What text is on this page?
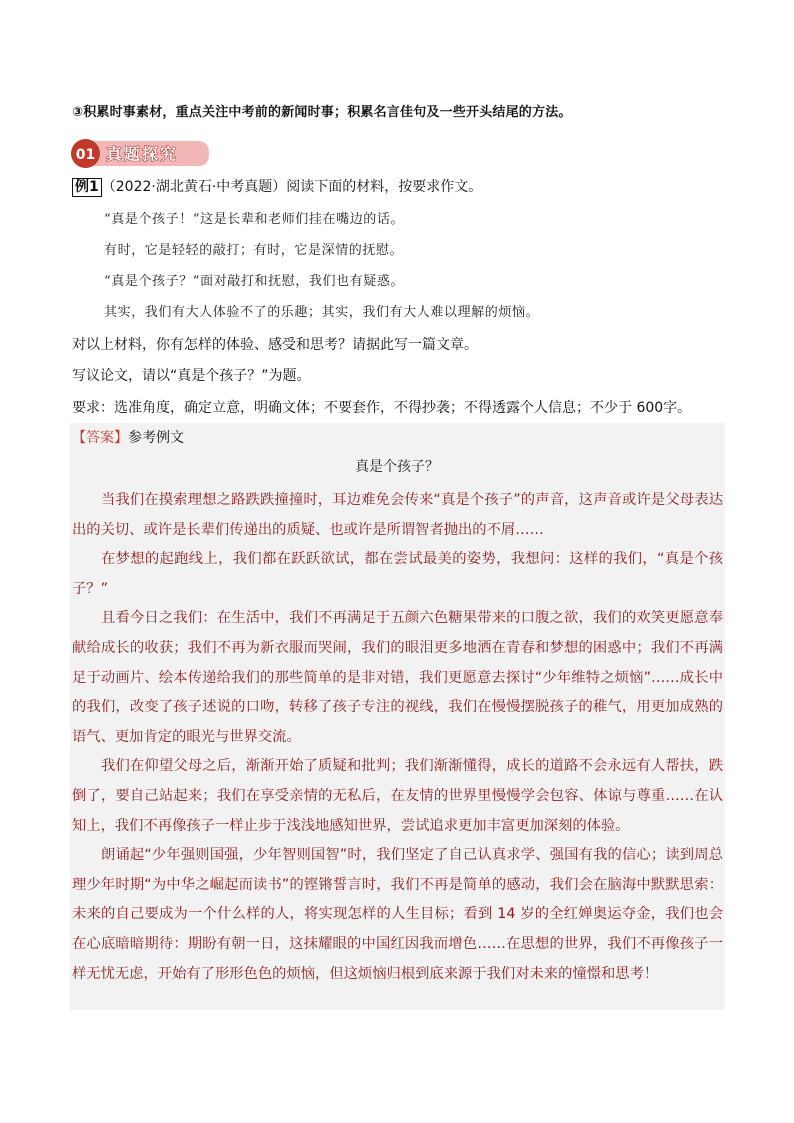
③积累时事素材，重点关注中考前的新闻时事；积累名言佳句及一些开头结尾的方法。
01 真题探究
例1 （2022·湖北黄石·中考真题）阅读下面的材料，按要求作文。
“真是个孩子！”这是长辈和老师们挂在嘴边的话。
有时，它是轻轻的敲打；有时，它是深情的抚慰。
“真是个孩子？”面对敲打和抚慰，我们也有疑惑。
其实，我们有大人体验不了的乐趣；其实，我们有大人难以理解的烦恼。
对以上材料，你有怎样的体验、感受和思考？请据此写一篇文章。
写议论文，请以“真是个孩子？”为题。
要求：选准角度，确定立意，明确文体；不要套作，不得抄袭；不得透露个人信息；不少于 600字。
【答案】参考例文
真是个孩子？

当我们在摸索理想之路跌跌撞撞时，耳边难免会传来“真是个孩子”的声音，这声音或许是父母表达出的关切、或许是长辈们传递出的质疑、也或许是所谓智者抛出的不屑……

在梦想的起跑线上，我们都在跃跃欲试，都在尝试最美的姿势，我想问：这样的我们，“真是个孩子？”

且看今日之我们：在生活中，我们不再满足于五颜六色糖果带来的口腹之欲，我们的欢笑更愿意奉献给成长的收获；我们不再为新衣服而哭闹，我们的眼泪更多地洒在青春和梦想的困惑中；我们不再满足于动画片、绘本传递给我们的那些简单的是非对错，我们更愿意去探讨“少年维特之烦恼”……成长中的我们，改变了孩子述说的口吻，转移了孩子专注的视线，我们在慢慢摆脱孩子的稚气，用更加成熟的语气、更加肯定的眼光与世界交流。

我们在仰望父母之后，渐渐开始了质疑和批判；我们渐渐懂得，成长的道路不会永远有人帮扶，跌倒了，要自己站起来；我们在享受亲情的无私后，在友情的世界里慢慢学会包容、体谅与尊重……在认知上，我们不再像孩子一样止步于浅浅地感知世界，尝试追求更加丰富更加深刻的体验。

朗诵起“少年强则国强，少年智则国智”时，我们坚定了自己认真求学、强国有我的信心；读到周总理少年时期“为中华之崛起而读书”的铿锵誓言时，我们不再是简单的感动，我们会在脑海中默默思索：未来的自己要成为一个什么样的人，将实现怎样的人生目标；看到 14 岁的全红婵奥运夺金，我们也会在心底暗暗期待：期盼有朝一日，这抹耀眼的中国红因我而增色……在思想的世界，我们不再像孩子一样无忧无虑，开始有了形形色色的烦恼，但这烦恼归根到底来源于我们对未来的憧憬和思考！
